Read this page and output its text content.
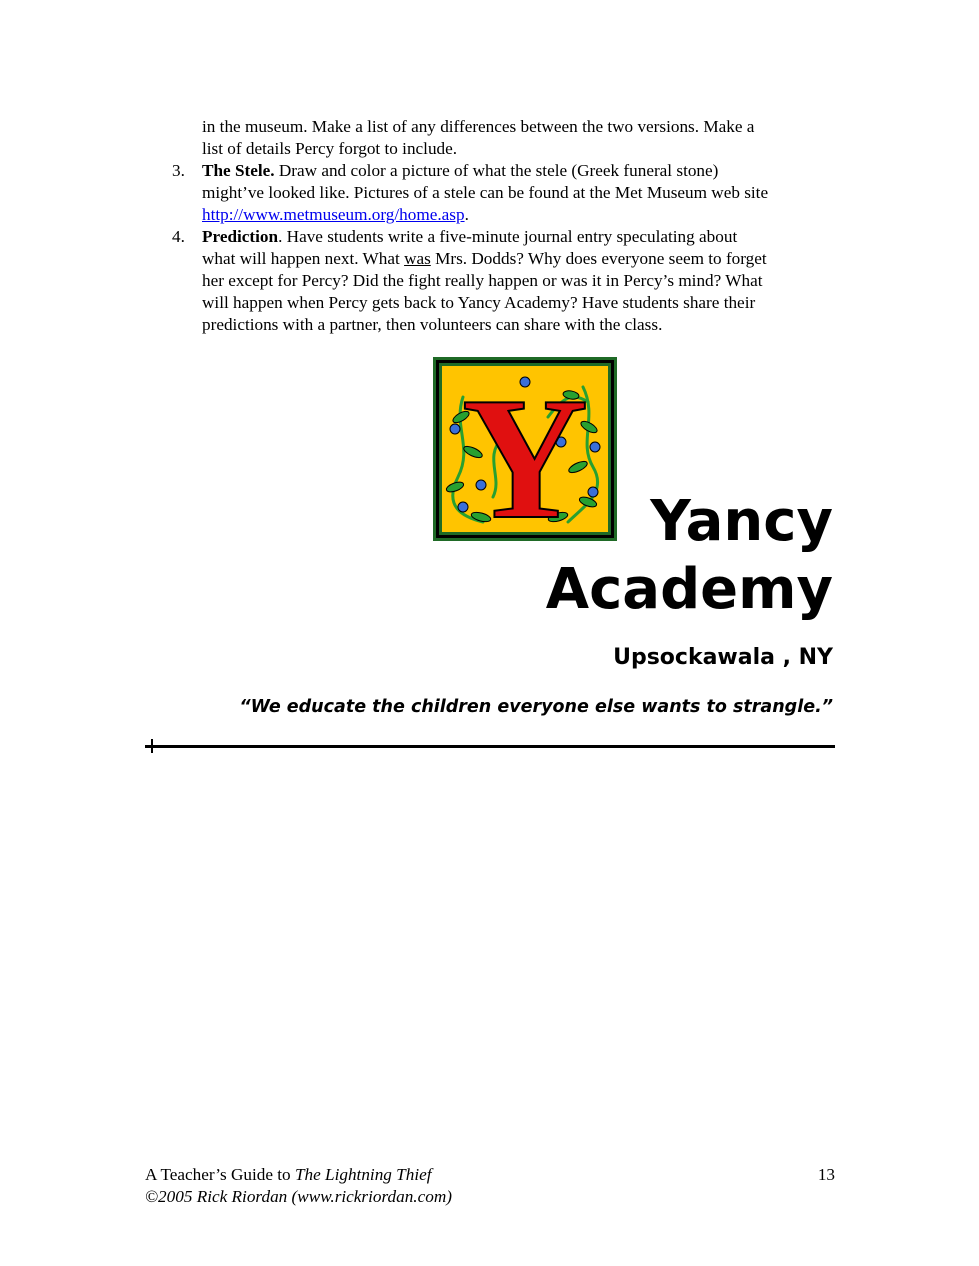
in the museum. Make a list of any differences between the two versions. Make a
list of details Percy forgot to include.
3. The Stele. Draw and color a picture of what the stele (Greek funeral stone)
might’ve looked like. Pictures of a stele can be found at the Met Museum web site
http://www.metmuseum.org/home.asp.
4. Prediction. Have students write a five-minute journal entry speculating about
what will happen next. What was Mrs. Dodds? Why does everyone seem to forget
her except for Percy? Did the fight really happen or was it in Percy’s mind? What
will happen when Percy gets back to Yancy Academy? Have students share their
predictions with a partner, then volunteers can share with the class.
Y Yancy
Academy
Upsockawala , NY
“We educate the children everyone else wants to strangle.”
A Teacher’s Guide to The Lightning Thief
©2005 Rick Riordan (www.rickriordan.com)
13
